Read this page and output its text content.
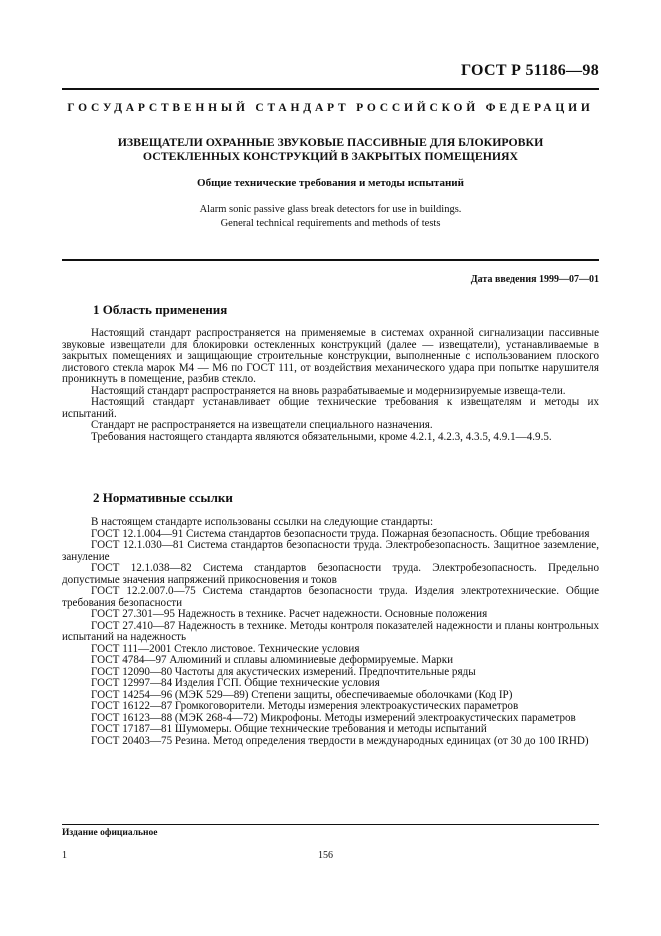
ГОСТ Р 51186—98
ГОСУДАРСТВЕННЫЙ СТАНДАРТ РОССИЙСКОЙ ФЕДЕРАЦИИ
ИЗВЕЩАТЕЛИ ОХРАННЫЕ ЗВУКОВЫЕ ПАССИВНЫЕ ДЛЯ БЛОКИРОВКИ
ОСТЕКЛЕННЫХ КОНСТРУКЦИЙ В ЗАКРЫТЫХ ПОМЕЩЕНИЯХ
Общие технические требования и методы испытаний
Alarm sonic passive glass break detectors for use in buildings.
General technical requirements and methods of tests
Дата введения 1999—07—01
1 Область применения

Настоящий стандарт распространяется на применяемые в системах охранной сигнализации пассивные звуковые извещатели для блокировки остекленных конструкций (далее — извещатели), устанавливаемые в закрытых помещениях и защищающие строительные конструкции, выполненные с использованием плоского листового стекла марок М4 — М6 по ГОСТ 111, от воздействия механического удара при попытке нарушителя проникнуть в помещение, разбив стекло.

Настоящий стандарт распространяется на вновь разрабатываемые и модернизируемые извеща-тели.

Настоящий стандарт устанавливает общие технические требования к извещателям и методы их испытаний.

Стандарт не распространяется на извещатели специального назначения.

Требования настоящего стандарта являются обязательными, кроме 4.2.1, 4.2.3, 4.3.5, 4.9.1—4.9.5.

2 Нормативные ссылки

В настоящем стандарте использованы ссылки на следующие стандарты:

ГОСТ 12.1.004—91 Система стандартов безопасности труда. Пожарная безопасность. Общие требования

ГОСТ 12.1.030—81 Система стандартов безопасности труда. Электробезопасность. Защитное заземление, зануление

ГОСТ 12.1.038—82 Система стандартов безопасности труда. Электробезопасность. Предельно допустимые значения напряжений прикосновения и токов

ГОСТ 12.2.007.0—75 Система стандартов безопасности труда. Изделия электротехнические. Общие требования безопасности

ГОСТ 27.301—95 Надежность в технике. Расчет надежности. Основные положения

ГОСТ 27.410—87 Надежность в технике. Методы контроля показателей надежности и планы контрольных испытаний на надежность

ГОСТ 111—2001 Стекло листовое. Технические условия

ГОСТ 4784—97 Алюминий и сплавы алюминиевые деформируемые. Марки

ГОСТ 12090—80 Частоты для акустических измерений. Предпочтительные ряды

ГОСТ 12997—84 Изделия ГСП. Общие технические условия

ГОСТ 14254—96 (МЭК 529—89) Степени защиты, обеспечиваемые оболочками (Код IP)

ГОСТ 16122—87 Громкоговорители. Методы измерения электроакустических параметров

ГОСТ 16123—88 (МЭК 268-4—72) Микрофоны. Методы измерений электроакустических параметров

ГОСТ 17187—81 Шумомеры. Общие технические требования и методы испытаний

ГОСТ 20403—75 Резина. Метод определения твердости в международных единицах (от 30 до 100 IRHD)

Издание официальное
1	156
